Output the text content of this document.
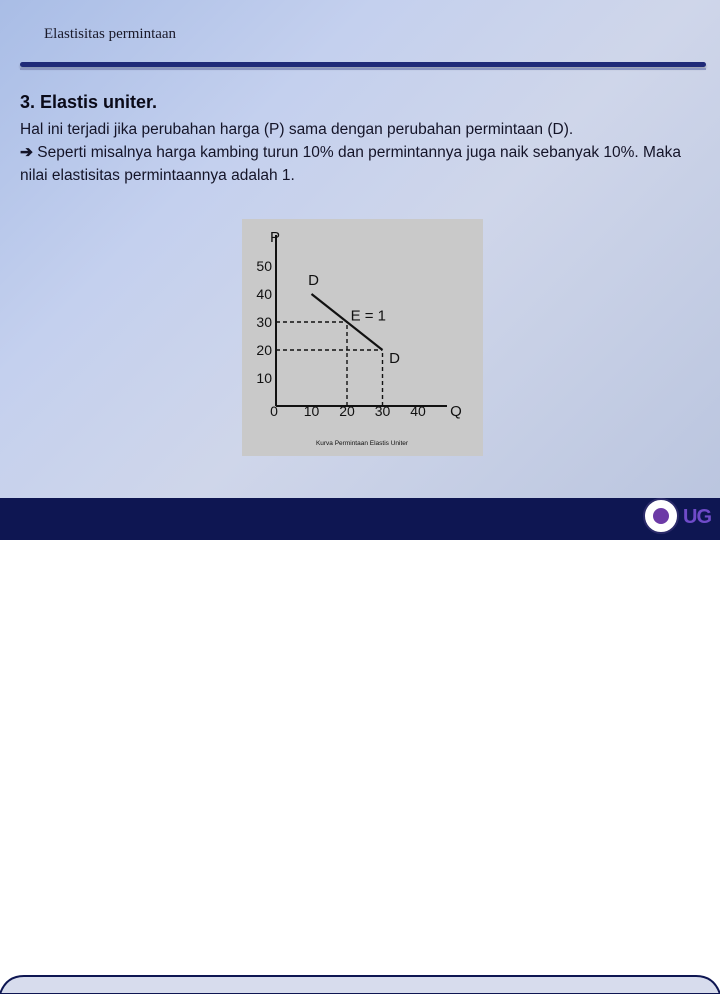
Elastisitas permintaan
3. Elastis uniter.

Hal ini terjadi jika perubahan harga (P) sama dengan perubahan permintaan (D).

➔ Seperti misalnya harga kambing turun 10% dan permintannya juga naik sebanyak 10%. Maka nilai elastisitas permintaannya adalah 1.

P
Q
10
20
30
40
50
0 10 20 30 40
D
D
E = 1
Kurva Permintaan Elastis Uniter
UG
